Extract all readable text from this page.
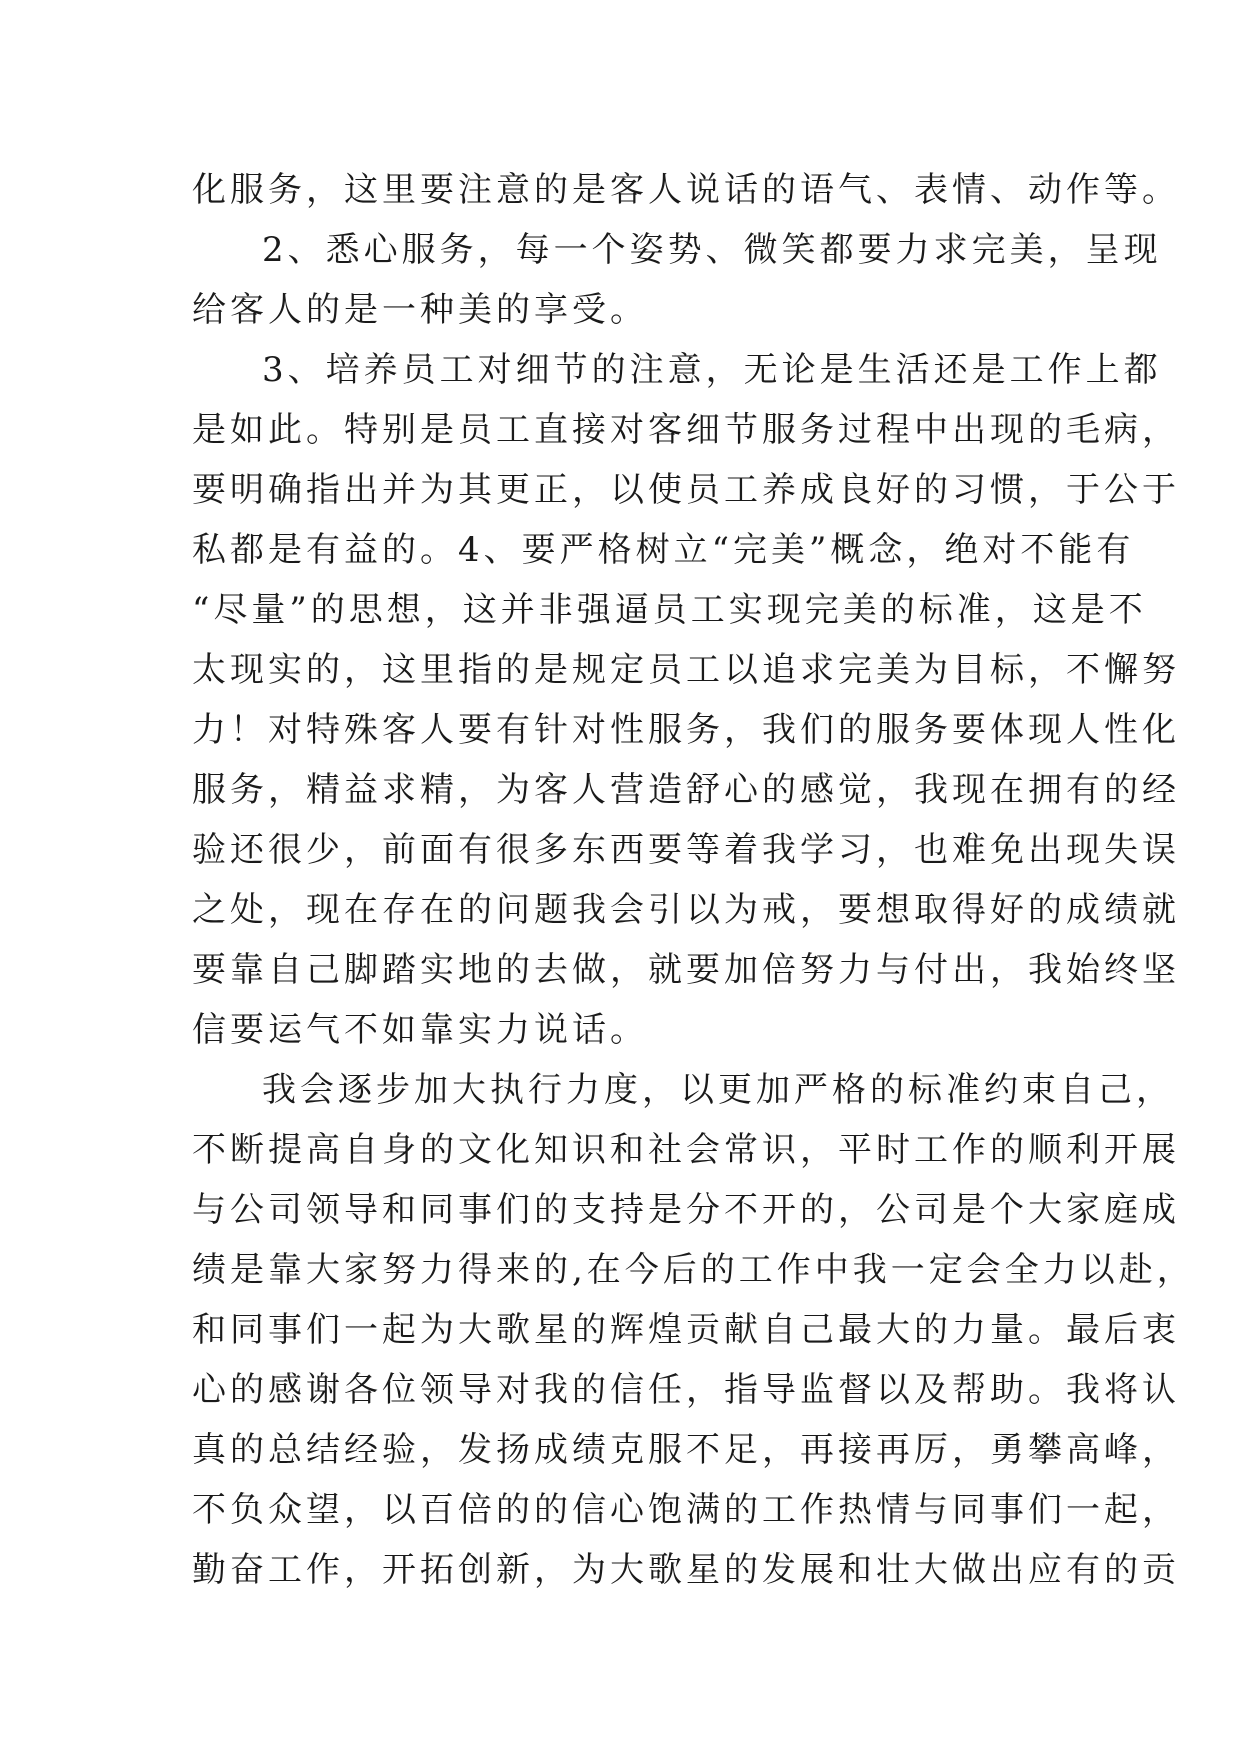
化服务，这里要注意的是客人说话的语气、表情、动作等。
2、悉心服务，每一个姿势、微笑都要力求完美，呈现
给客人的是一种美的享受。
3、培养员工对细节的注意，无论是生活还是工作上都
是如此。特别是员工直接对客细节服务过程中出现的毛病，
要明确指出并为其更正，以使员工养成良好的习惯，于公于
私都是有益的。4、要严格树立“完美”概念，绝对不能有
“尽量”的思想，这并非强逼员工实现完美的标准，这是不
太现实的，这里指的是规定员工以追求完美为目标，不懈努
力！对特殊客人要有针对性服务，我们的服务要体现人性化
服务，精益求精，为客人营造舒心的感觉，我现在拥有的经
验还很少，前面有很多东西要等着我学习，也难免出现失误
之处，现在存在的问题我会引以为戒，要想取得好的成绩就
要靠自己脚踏实地的去做，就要加倍努力与付出，我始终坚
信要运气不如靠实力说话。
我会逐步加大执行力度，以更加严格的标准约束自己，
不断提高自身的文化知识和社会常识，平时工作的顺利开展
与公司领导和同事们的支持是分不开的，公司是个大家庭成
绩是靠大家努力得来的,在今后的工作中我一定会全力以赴，
和同事们一起为大歌星的辉煌贡献自己最大的力量。最后衷
心的感谢各位领导对我的信任，指导监督以及帮助。我将认
真的总结经验，发扬成绩克服不足，再接再厉，勇攀高峰，
不负众望，以百倍的的信心饱满的工作热情与同事们一起，
勤奋工作，开拓创新，为大歌星的发展和壮大做出应有的贡
